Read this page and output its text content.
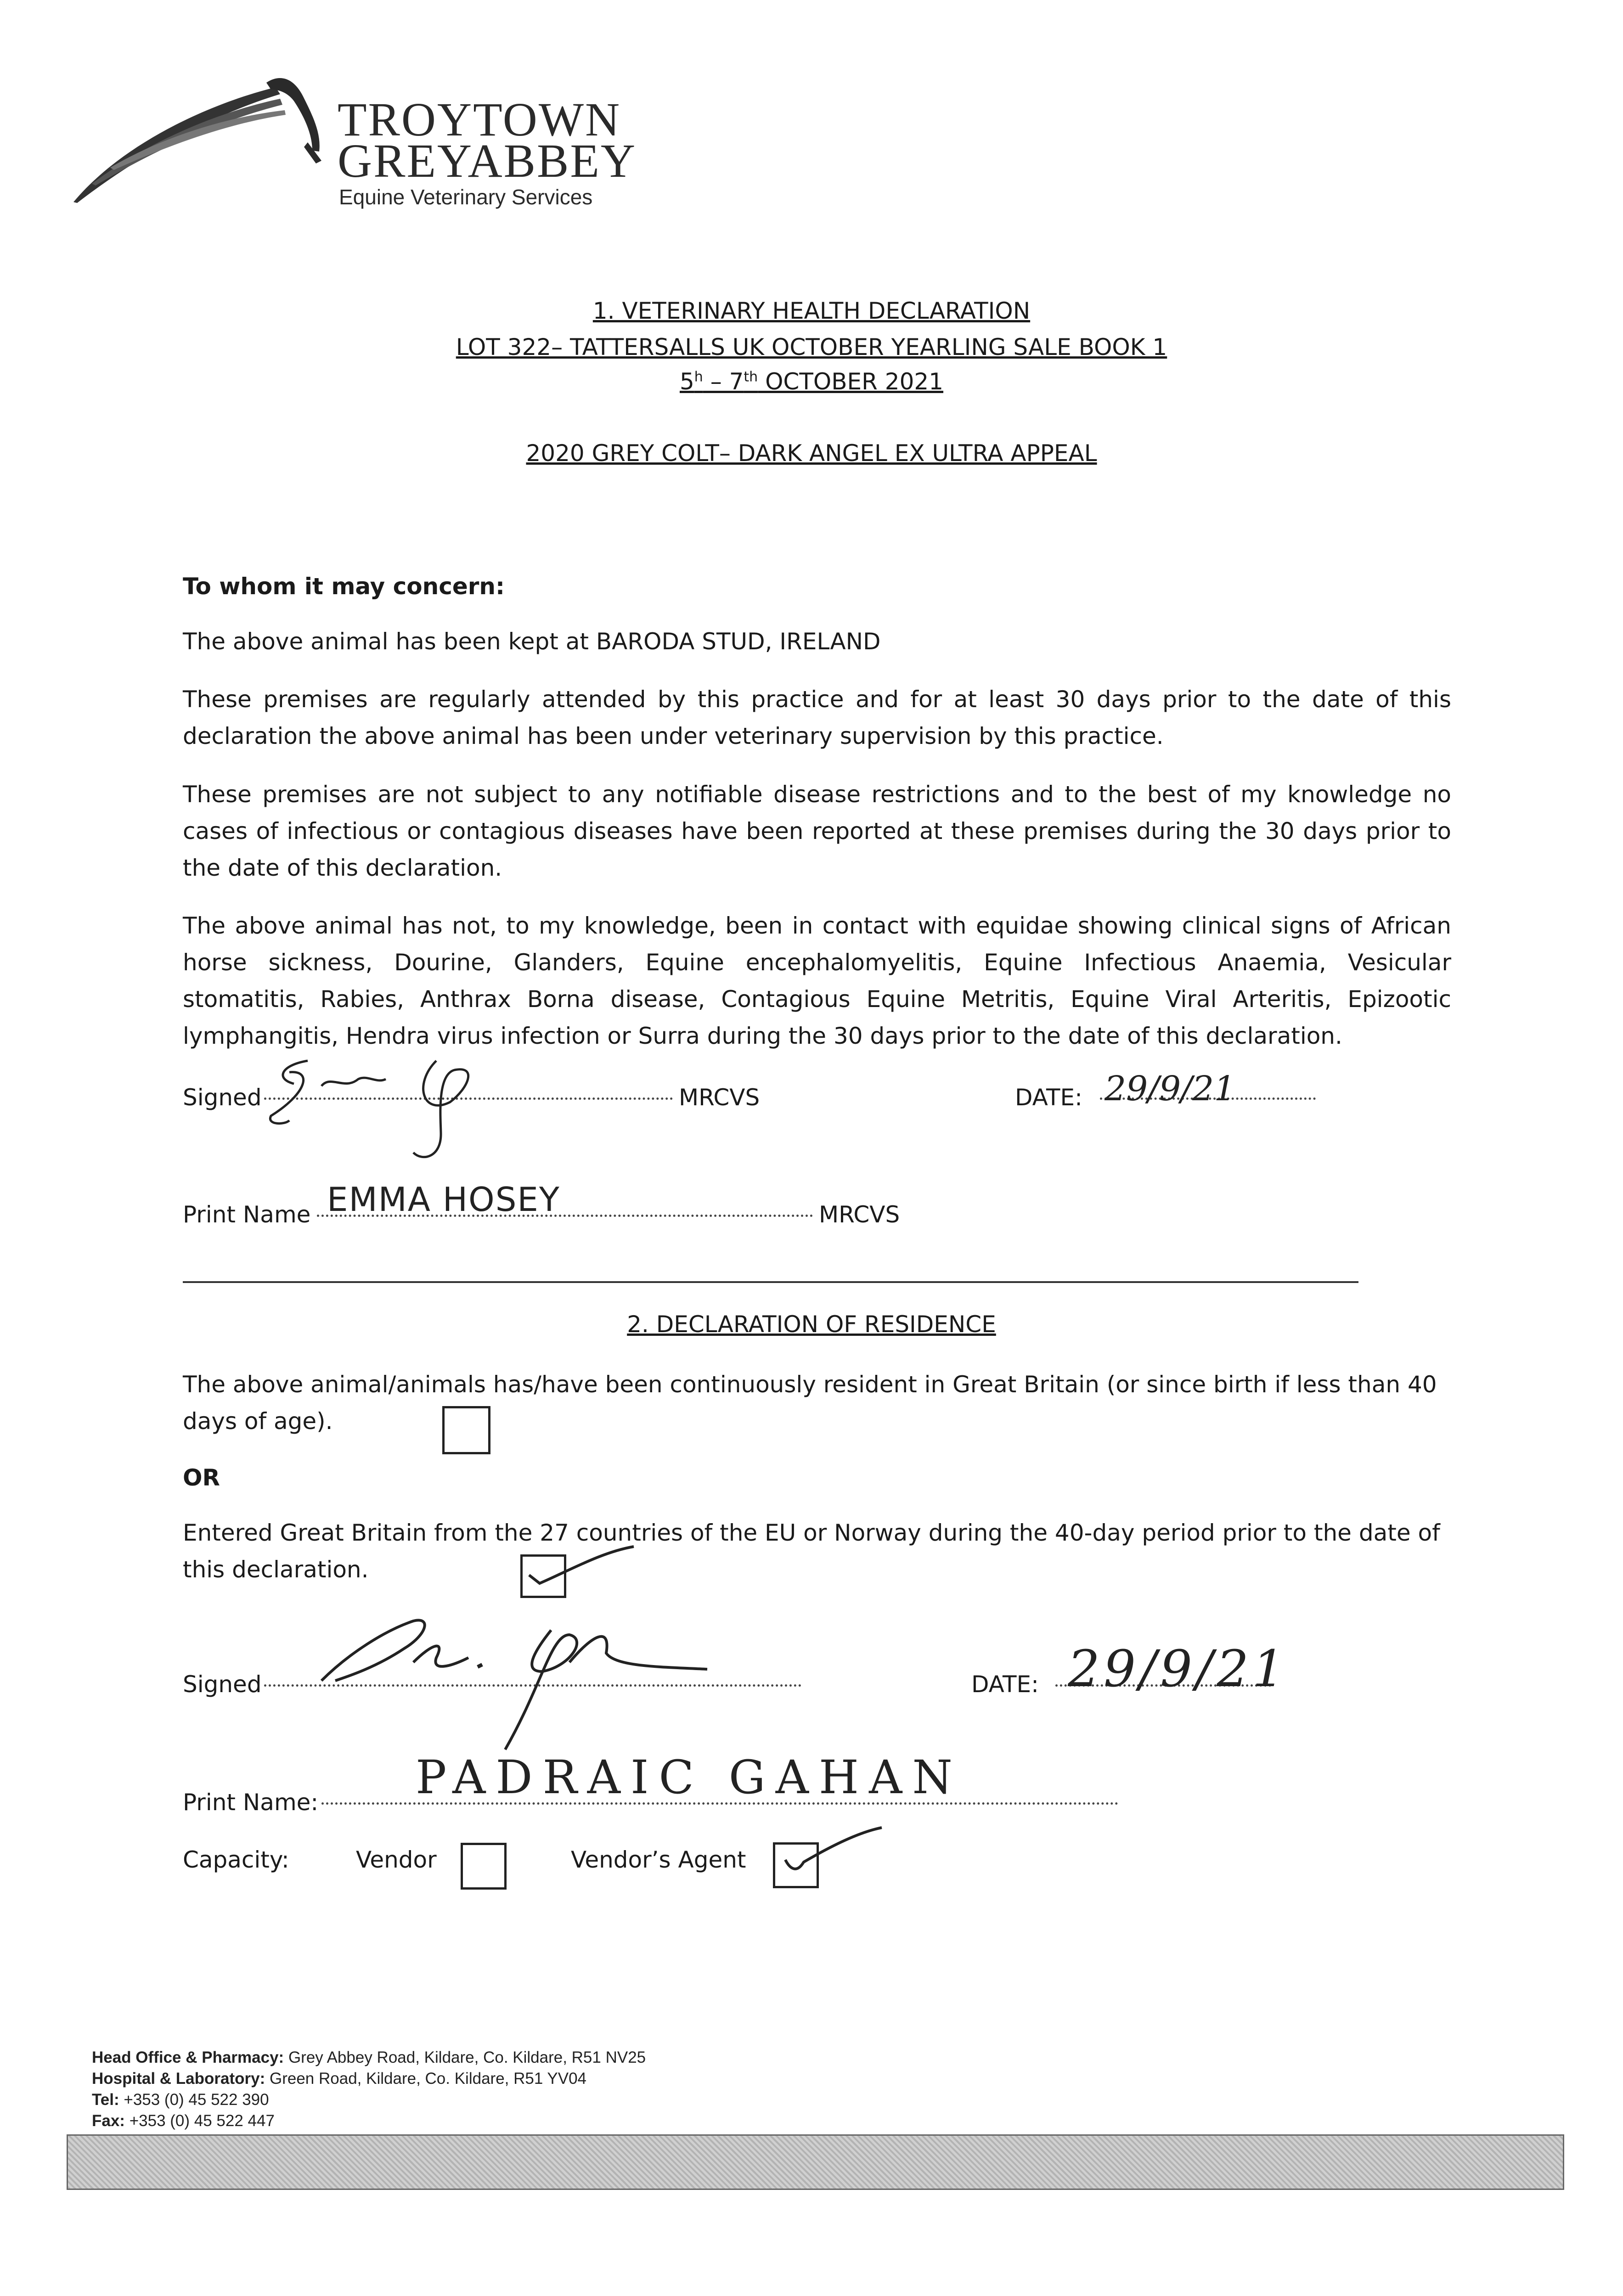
TROYTOWN
GREYABBEY
Equine Veterinary Services
1. VETERINARY HEALTH DECLARATION
LOT 322– TATTERSALLS UK OCTOBER YEARLING SALE BOOK 1
5$^h$ – 7th OCTOBER 2021
2020 GREY COLT– DARK ANGEL EX ULTRA APPEAL
To whom it may concern:
The above animal has been kept at BARODA STUD, IRELAND
These premises are regularly attended by this practice and for at least 30 days prior to the date of this declaration the above animal has been under veterinary supervision by this practice.
These premises are not subject to any notifiable disease restrictions and to the best of my knowledge no cases of infectious or contagious diseases have been reported at these premises during the 30 days prior to the date of this declaration.
The above animal has not, to my knowledge, been in contact with equidae showing clinical signs of African horse sickness, Dourine, Glanders, Equine encephalomyelitis, Equine Infectious Anaemia, Vesicular stomatitis, Rabies, Anthrax Borna disease, Contagious Equine Metritis, Equine Viral Arteritis, Epizootic lymphangitis, Hendra virus infection or Surra during the 30 days prior to the date of this declaration.
Signed	MRCVS	DATE: 29/9/21
Print Name EMMA HOSEY	MRCVS
2. DECLARATION OF RESIDENCE
The above animal/animals has/have been continuously resident in Great Britain (or since birth if less than 40 days of age).
OR
Entered Great Britain from the 27 countries of the EU or Norway during the 40-day period prior to the date of this declaration.
Signed	DATE: 29/9/21
Print Name: PADRAIC GAHAN
Capacity:	Vendor	Vendor’s Agent
Head Office & Pharmacy: Grey Abbey Road, Kildare, Co. Kildare, R51 NV25
Hospital & Laboratory: Green Road, Kildare, Co. Kildare, R51 YV04
Tel: +353 (0) 45 522 390
Fax: +353 (0) 45 522 447
